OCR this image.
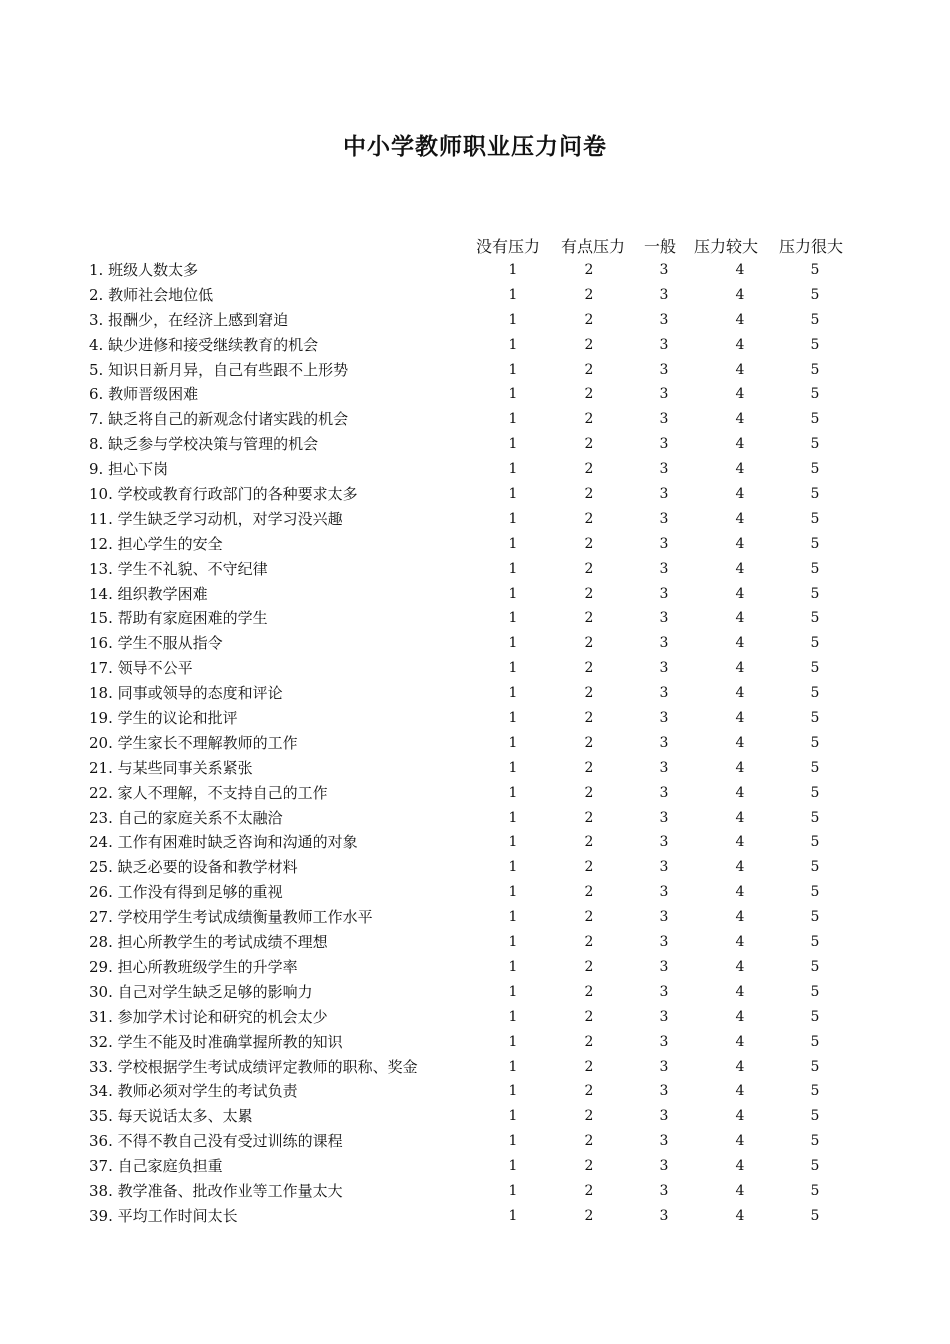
中小学教师职业压力问卷
没有压力 有点压力 一般 压力较大 压力很大
1. 班级人数太多	1	2	3	4	5
2. 教师社会地位低	1	2	3	4	5
3. 报酬少，在经济上感到窘迫	1	2	3	4	5
4. 缺少进修和接受继续教育的机会	1	2	3	4	5
5. 知识日新月异，自己有些跟不上形势	1	2	3	4	5
6. 教师晋级困难	1	2	3	4	5
7. 缺乏将自己的新观念付诸实践的机会	1	2	3	4	5
8. 缺乏参与学校决策与管理的机会	1	2	3	4	5
9. 担心下岗	1	2	3	4	5
10. 学校或教育行政部门的各种要求太多	1	2	3	4	5
11. 学生缺乏学习动机，对学习没兴趣	1	2	3	4	5
12. 担心学生的安全	1	2	3	4	5
13. 学生不礼貌、不守纪律	1	2	3	4	5
14. 组织教学困难	1	2	3	4	5
15. 帮助有家庭困难的学生	1	2	3	4	5
16. 学生不服从指令	1	2	3	4	5
17. 领导不公平	1	2	3	4	5
18. 同事或领导的态度和评论	1	2	3	4	5
19. 学生的议论和批评	1	2	3	4	5
20. 学生家长不理解教师的工作	1	2	3	4	5
21. 与某些同事关系紧张	1	2	3	4	5
22. 家人不理解，不支持自己的工作	1	2	3	4	5
23. 自己的家庭关系不太融洽	1	2	3	4	5
24. 工作有困难时缺乏咨询和沟通的对象	1	2	3	4	5
25. 缺乏必要的设备和教学材料	1	2	3	4	5
26. 工作没有得到足够的重视	1	2	3	4	5
27. 学校用学生考试成绩衡量教师工作水平	1	2	3	4	5
28. 担心所教学生的考试成绩不理想	1	2	3	4	5
29. 担心所教班级学生的升学率	1	2	3	4	5
30. 自己对学生缺乏足够的影响力	1	2	3	4	5
31. 参加学术讨论和研究的机会太少	1	2	3	4	5
32. 学生不能及时准确掌握所教的知识	1	2	3	4	5
33. 学校根据学生考试成绩评定教师的职称、奖金	1	2	3	4	5
34. 教师必须对学生的考试负责	1	2	3	4	5
35. 每天说话太多、太累	1	2	3	4	5
36. 不得不教自己没有受过训练的课程	1	2	3	4	5
37. 自己家庭负担重	1	2	3	4	5
38. 教学准备、批改作业等工作量太大	1	2	3	4	5
39. 平均工作时间太长	1	2	3	4	5
